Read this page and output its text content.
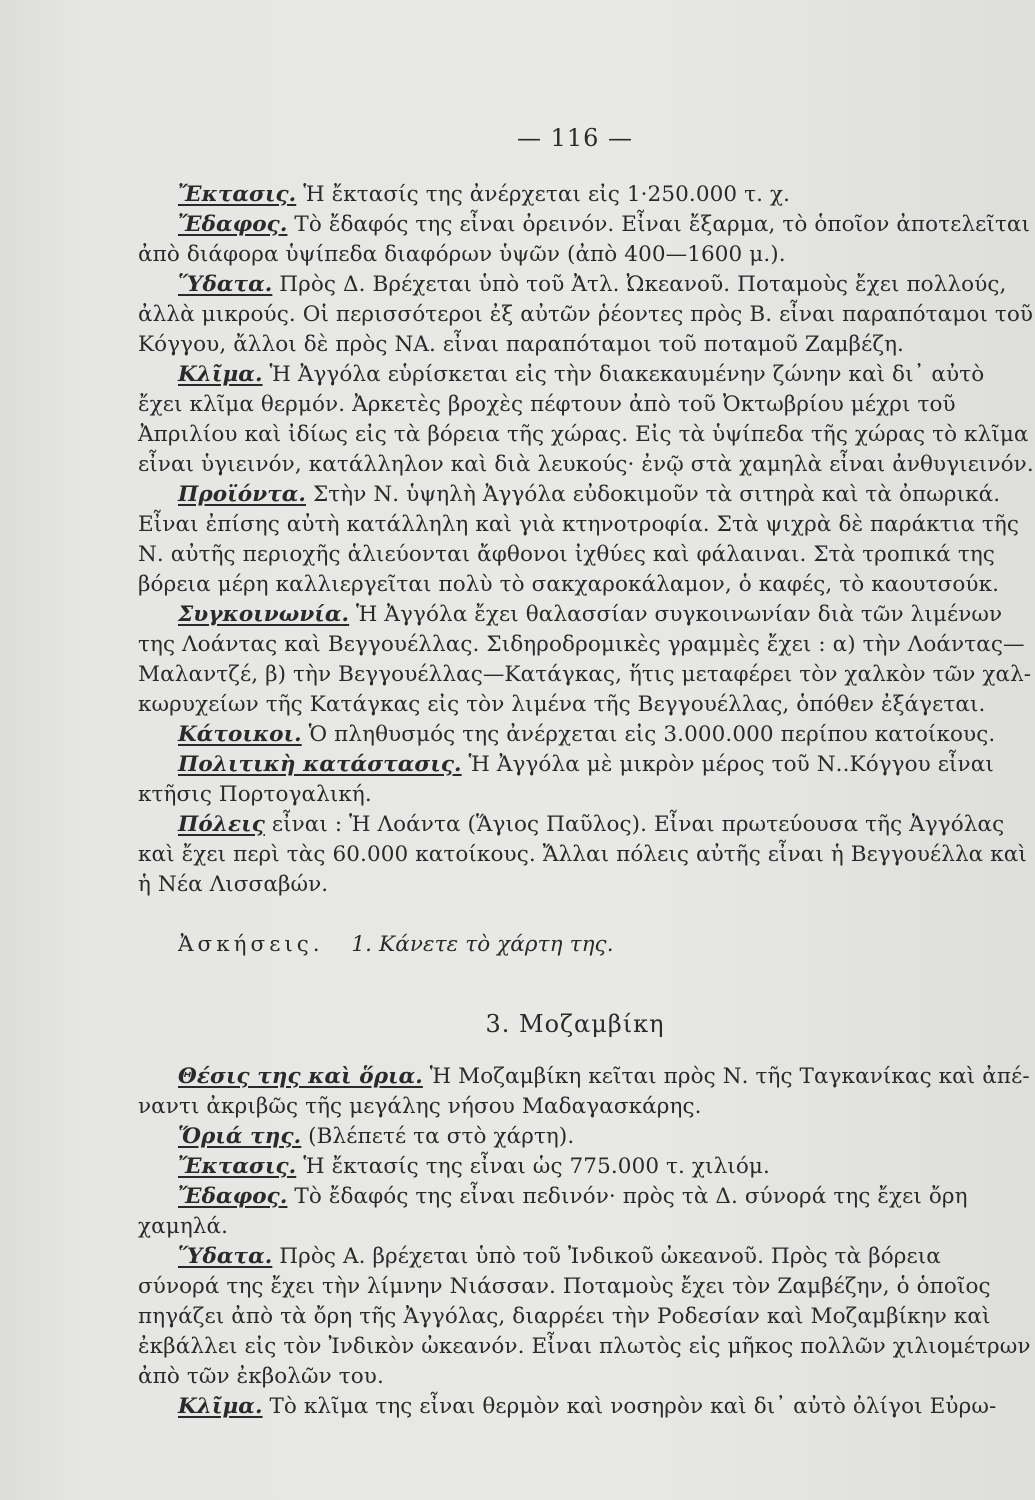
— 116 —
Ἔκτασις. Ἡ ἔκτασίς της ἀνέρχεται εἰς 1·250.000 τ. χ.
Ἔδαφος. Τὸ ἔδαφός της εἶναι ὀρεινόν. Εἶναι ἔξαρμα, τὸ ὁποῖον ἀποτελεῖται
ἀπὸ διάφορα ὑψίπεδα διαφόρων ὑψῶν (ἀπὸ 400—1600 μ.).
Ὕδατα. Πρὸς Δ. Βρέχεται ὑπὸ τοῦ Ἀτλ. Ὠκεανοῦ. Ποταμοὺς ἔχει πολλούς,
ἀλλὰ μικρούς. Οἱ περισσότεροι ἐξ αὐτῶν ῥέοντες πρὸς Β. εἶναι παραπόταμοι τοῦ
Κόγγου, ἄλλοι δὲ πρὸς ΝΑ. εἶναι παραπόταμοι τοῦ ποταμοῦ Ζαμβέζη.
Κλῖμα. Ἡ Ἀγγόλα εὑρίσκεται εἰς τὴν διακεκαυμένην ζώνην καὶ δι᾽ αὐτὸ
ἔχει κλῖμα θερμόν. Ἀρκετὲς βροχὲς πέφτουν ἀπὸ τοῦ Ὀκτωβρίου μέχρι τοῦ
Ἀπριλίου καὶ ἰδίως εἰς τὰ βόρεια τῆς χώρας. Εἰς τὰ ὑψίπεδα τῆς χώρας τὸ κλῖμα
εἶναι ὑγιεινόν, κατάλληλον καὶ διὰ λευκούς· ἐνῷ στὰ χαμηλὰ εἶναι ἀνθυγιεινόν.
Προϊόντα. Στὴν Ν. ὑψηλὴ Ἀγγόλα εὐδοκιμοῦν τὰ σιτηρὰ καὶ τὰ ὀπωρικά.
Εἶναι ἐπίσης αὐτὴ κατάλληλη καὶ γιὰ κτηνοτροφία. Στὰ ψιχρὰ δὲ παράκτια τῆς
Ν. αὐτῆς περιοχῆς ἁλιεύονται ἄφθονοι ἰχθύες καὶ φάλαιναι. Στὰ τροπικά της
βόρεια μέρη καλλιεργεῖται πολὺ τὸ σακχαροκάλαμον, ὁ καφές, τὸ καουτσούκ.
Συγκοινωνία. Ἡ Ἀγγόλα ἔχει θαλασσίαν συγκοινωνίαν διὰ τῶν λιμένων
της Λοάντας καὶ Βεγγουέλλας. Σιδηροδρομικὲς γραμμὲς ἔχει : α) τὴν Λοάντας—
Μαλαντζέ, β) τὴν Βεγγουέλλας—Κατάγκας, ἥτις μεταφέρει τὸν χαλκὸν τῶν χαλ-
κωρυχείων τῆς Κατάγκας εἰς τὸν λιμένα τῆς Βεγγουέλλας, ὁπόθεν ἐξάγεται.
Κάτοικοι. Ὁ πληθυσμός της ἀνέρχεται εἰς 3.000.000 περίπου κατοίκους.
Πολιτικὴ κατάστασις. Ἡ Ἀγγόλα μὲ μικρὸν μέρος τοῦ Ν..Κόγγου εἶναι
κτῆσις Πορτογαλική.
Πόλεις εἶναι : Ἡ Λοάντα (Ἅγιος Παῦλος). Εἶναι πρωτεύουσα τῆς Ἀγγόλας
καὶ ἔχει περὶ τὰς 60.000 κατοίκους. Ἄλλαι πόλεις αὐτῆς εἶναι ἡ Βεγγουέλλα καὶ
ἡ Νέα Λισσαβών.
Ἀσκήσεις. 1. Κάνετε τὸ χάρτη της.
3. Μοζαμβίκη
Θέσις της καὶ ὅρια. Ἡ Μοζαμβίκη κεῖται πρὸς Ν. τῆς Ταγκανίκας καὶ ἀπέ-
ναντι ἀκριβῶς τῆς μεγάλης νήσου Μαδαγασκάρης.
Ὅριά της. (Βλέπετέ τα στὸ χάρτη).
Ἔκτασις. Ἡ ἔκτασίς της εἶναι ὡς 775.000 τ. χιλιόμ.
Ἔδαφος. Τὸ ἔδαφός της εἶναι πεδινόν· πρὸς τὰ Δ. σύνορά της ἔχει ὄρη
χαμηλά.
Ὕδατα. Πρὸς Α. βρέχεται ὑπὸ τοῦ Ἰνδικοῦ ὠκεανοῦ. Πρὸς τὰ βόρεια
σύνορά της ἔχει τὴν λίμνην Νιάσσαν. Ποταμοὺς ἔχει τὸν Ζαμβέζην, ὁ ὁποῖος
πηγάζει ἀπὸ τὰ ὄρη τῆς Ἀγγόλας, διαρρέει τὴν Ροδεσίαν καὶ Μοζαμβίκην καὶ
ἐκβάλλει εἰς τὸν Ἰνδικὸν ὠκεανόν. Εἶναι πλωτὸς εἰς μῆκος πολλῶν χιλιομέτρων
ἀπὸ τῶν ἐκβολῶν του.
Κλῖμα. Τὸ κλῖμα της εἶναι θερμὸν καὶ νοσηρὸν καὶ δι᾽ αὐτὸ ὀλίγοι Εὐρω-
